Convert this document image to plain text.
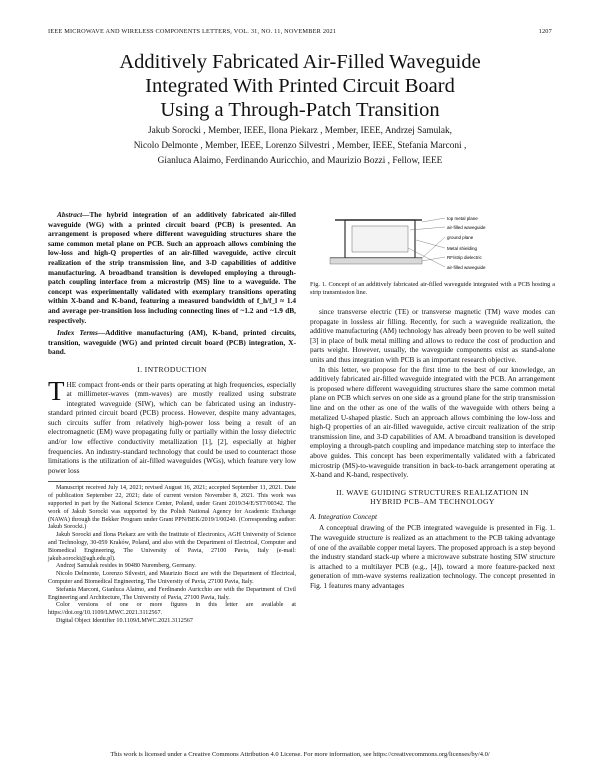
IEEE MICROWAVE AND WIRELESS COMPONENTS LETTERS, VOL. 31, NO. 11, NOVEMBER 2021	1207
Additively Fabricated Air-Filled Waveguide
Integrated With Printed Circuit Board
Using a Through-Patch Transition
Jakub Sorocki , Member, IEEE, Ilona Piekarz , Member, IEEE, Andrzej Samulak,
Nicolo Delmonte , Member, IEEE, Lorenzo Silvestri , Member, IEEE, Stefania Marconi ,
Gianluca Alaimo, Ferdinando Auricchio, and Maurizio Bozzi , Fellow, IEEE

Abstract—The hybrid integration of an additively fabricated air-filled waveguide (WG) with a printed circuit board (PCB) is presented. An arrangement is proposed where different waveguiding structures share the same common metal plane on PCB. Such an approach allows combining the low-loss and high-Q properties of an air-filled waveguide, active circuit realization of the strip transmission line, and 3-D capabilities of additive manufacturing. A broadband transition is developed employing a through-patch coupling interface from a microstrip (MS) line to a waveguide. The concept was experimentally validated with exemplary transitions operating within X-band and K-band, featuring a measured bandwidth of f_h/f_l ≈ 1.4 and average per-transition loss including connecting lines of ~1.2 and ~1.9 dB, respectively.

Index Terms—Additive manufacturing (AM), K-band, printed circuits, transition, waveguide (WG) and printed circuit board (PCB) integration, X-band.

I. INTRODUCTION

THE compact front-ends or their parts operating at high frequencies, especially at millimeter-waves (mm-waves) are mostly realized using substrate integrated waveguide (SIW), which can be fabricated using an industry-standard printed circuit board (PCB) process. However, despite many advantages, such circuits suffer from relatively high-power loss being a result of an electromagnetic (EM) wave propagating fully or partially within the lossy dielectric and/or low effective conductivity metallization [1], [2], especially at higher frequencies. An industry-standard technology that could be used to counteract those limitations is the utilization of air-filled waveguides (WGs), which feature very low power loss

Manuscript received July 14, 2021; revised August 16, 2021; accepted September 11, 2021. Date of publication September 22, 2021; date of current version November 8, 2021. This work was supported in part by the National Science Center, Poland, under Grant 2019/34/E/ST7/00342. The work of Jakub Sorocki was supported by the Polish National Agency for Academic Exchange (NAWA) through the Bekker Program under Grant PPN/BEK/2019/1/00240. (Corresponding author: Jakub Sorocki.)

Jakub Sorocki and Ilona Piekarz are with the Institute of Electronics, AGH University of Science and Technology, 30-059 Kraków, Poland, and also with the Department of Electrical, Computer and Biomedical Engineering, The University of Pavia, 27100 Pavia, Italy (e-mail: jakub.sorocki@agh.edu.pl).

Andrzej Samulak resides in 90480 Nuremberg, Germany.

Nicolo Delmonte, Lorenzo Silvestri, and Maurizio Bozzi are with the Department of Electrical, Computer and Biomedical Engineering, The University of Pavia, 27100 Pavia, Italy.

Stefania Marconi, Gianluca Alaimo, and Ferdinando Auricchio are with the Department of Civil Engineering and Architecture, The University of Pavia, 27100 Pavia, Italy.

Color versions of one or more figures in this letter are available at https://doi.org/10.1109/LMWC.2021.3112567.

Digital Object Identifier 10.1109/LMWC.2021.3112567

top metal plane
air-filled waveguide
ground plane
Metal shielding
RF/strip dielectric
air-filled waveguide
Fig. 1. Concept of an additively fabricated air-filled waveguide integrated with a PCB hosting a strip transmission line.

since transverse electric (TE) or transverse magnetic (TM) wave modes can propagate in lossless air filling. Recently, for such a waveguide realization, the additive manufacturing (AM) technology has already been proven to be well suited [3] in place of bulk metal milling and allows to reduce the cost of production and parts weight. However, usually, the waveguide components exist as stand-alone units and thus integration with PCB is an important research objective.

In this letter, we propose for the first time to the best of our knowledge, an additively fabricated air-filled waveguide integrated with the PCB. An arrangement is proposed where different waveguiding structures share the same common metal plane on PCB which serves on one side as a ground plane for the strip transmission line and on the other as one of the walls of the waveguide with others being a metalized U-shaped plastic. Such an approach allows combining the low-loss and high-Q properties of an air-filled waveguide, active circuit realization of the strip transmission line, and 3-D capabilities of AM. A broadband transition is developed employing a through-patch coupling and impedance matching step to interface the above guides. This concept has been experimentally validated with a fabricated microstrip (MS)-to-waveguide transition in back-to-back arrangement operating at X-band and K-band, respectively.

II. WAVE GUIDING STRUCTURES REALIZATION IN
HYBRID PCB–AM TECHNOLOGY
A. Integration Concept

A conceptual drawing of the PCB integrated waveguide is presented in Fig. 1. The waveguide structure is realized as an attachment to the PCB taking advantage of one of the available copper metal layers. The proposed approach is a step beyond the industry standard stack-up where a microwave substrate hosting SIW structure is attached to a multilayer PCB (e.g., [4]), toward a more feature-packed next generation of mm-wave systems realization technology. The concept presented in Fig. 1 features many advantages

This work is licensed under a Creative Commons Attribution 4.0 License. For more information, see https://creativecommons.org/licenses/by/4.0/
